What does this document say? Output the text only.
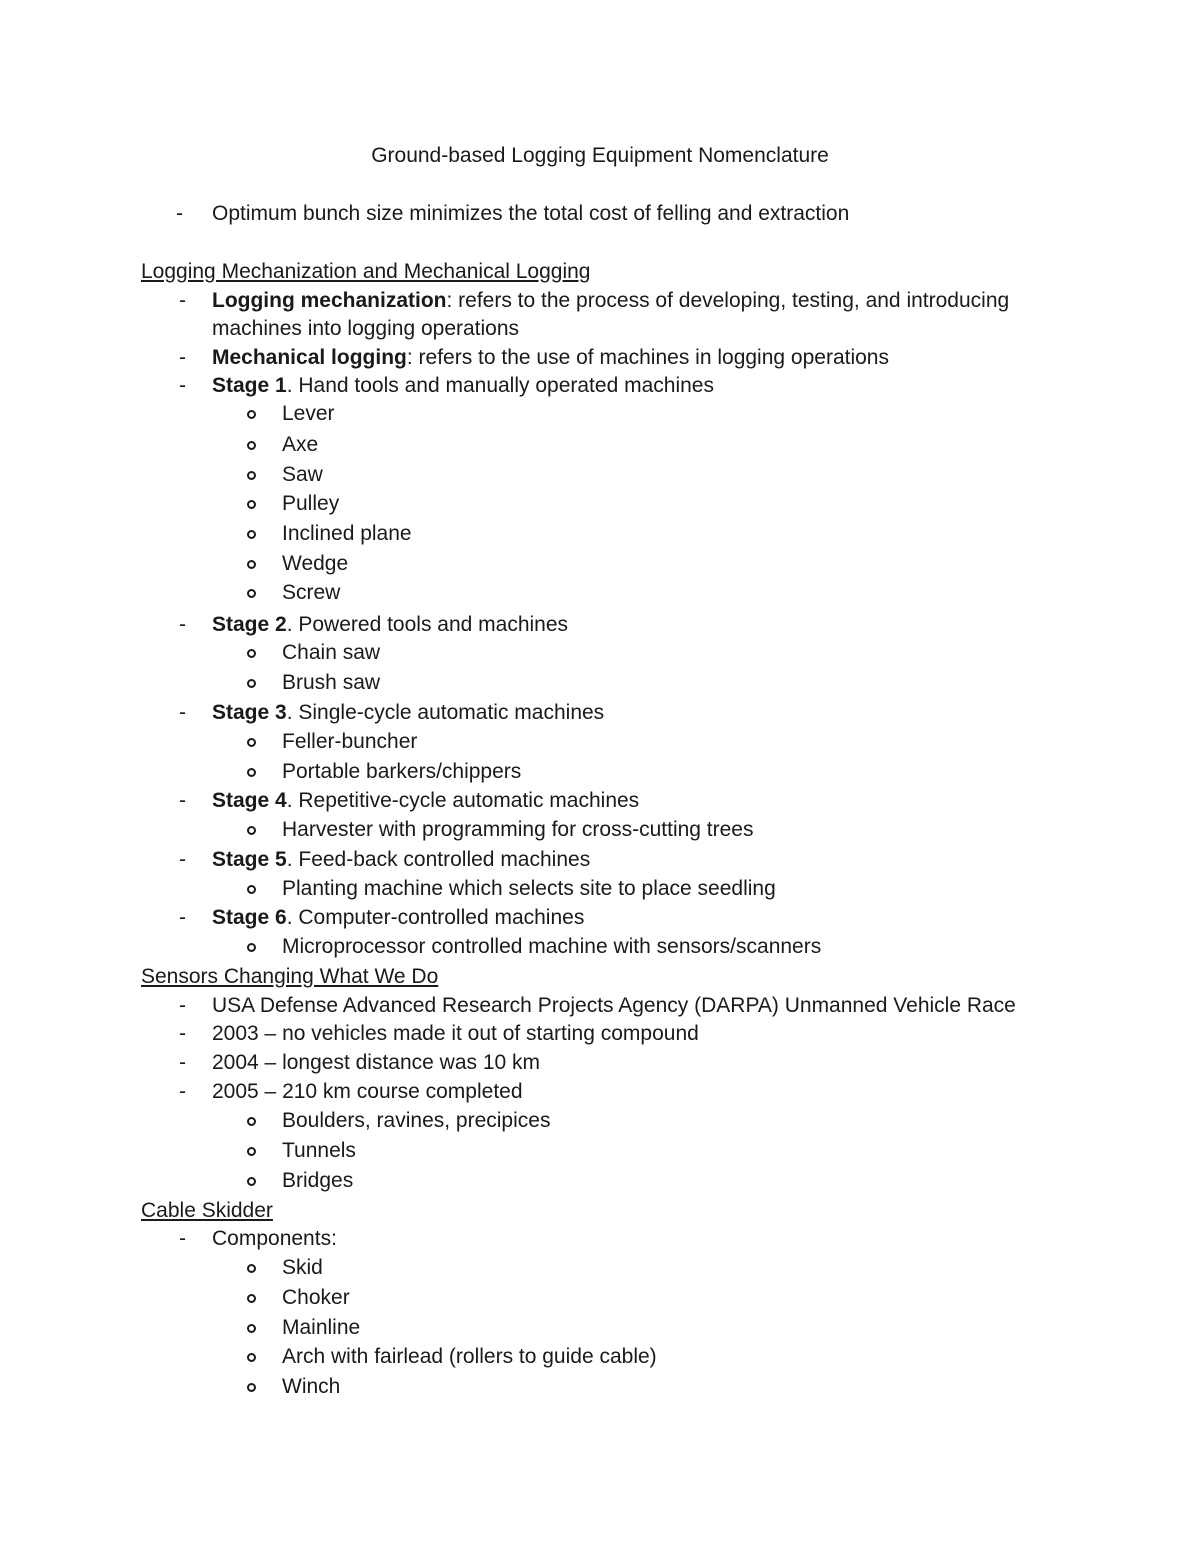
Ground-based Logging Equipment Nomenclature
- Optimum bunch size minimizes the total cost of felling and extraction
Logging Mechanization and Mechanical Logging
- Logging mechanization: refers to the process of developing, testing, and introducing
machines into logging operations
- Mechanical logging: refers to the use of machines in logging operations
- Stage 1. Hand tools and manually operated machines
Lever
Axe
Saw
Pulley
Inclined plane
Wedge
Screw
- Stage 2. Powered tools and machines
Chain saw
Brush saw
- Stage 3. Single-cycle automatic machines
Feller-buncher
Portable barkers/chippers
- Stage 4. Repetitive-cycle automatic machines
Harvester with programming for cross-cutting trees
- Stage 5. Feed-back controlled machines
Planting machine which selects site to place seedling
- Stage 6. Computer-controlled machines
Microprocessor controlled machine with sensors/scanners
Sensors Changing What We Do
- USA Defense Advanced Research Projects Agency (DARPA) Unmanned Vehicle Race
- 2003 – no vehicles made it out of starting compound
- 2004 – longest distance was 10 km
- 2005 – 210 km course completed
Boulders, ravines, precipices
Tunnels
Bridges
Cable Skidder
- Components:
Skid
Choker
Mainline
Arch with fairlead (rollers to guide cable)
Winch
